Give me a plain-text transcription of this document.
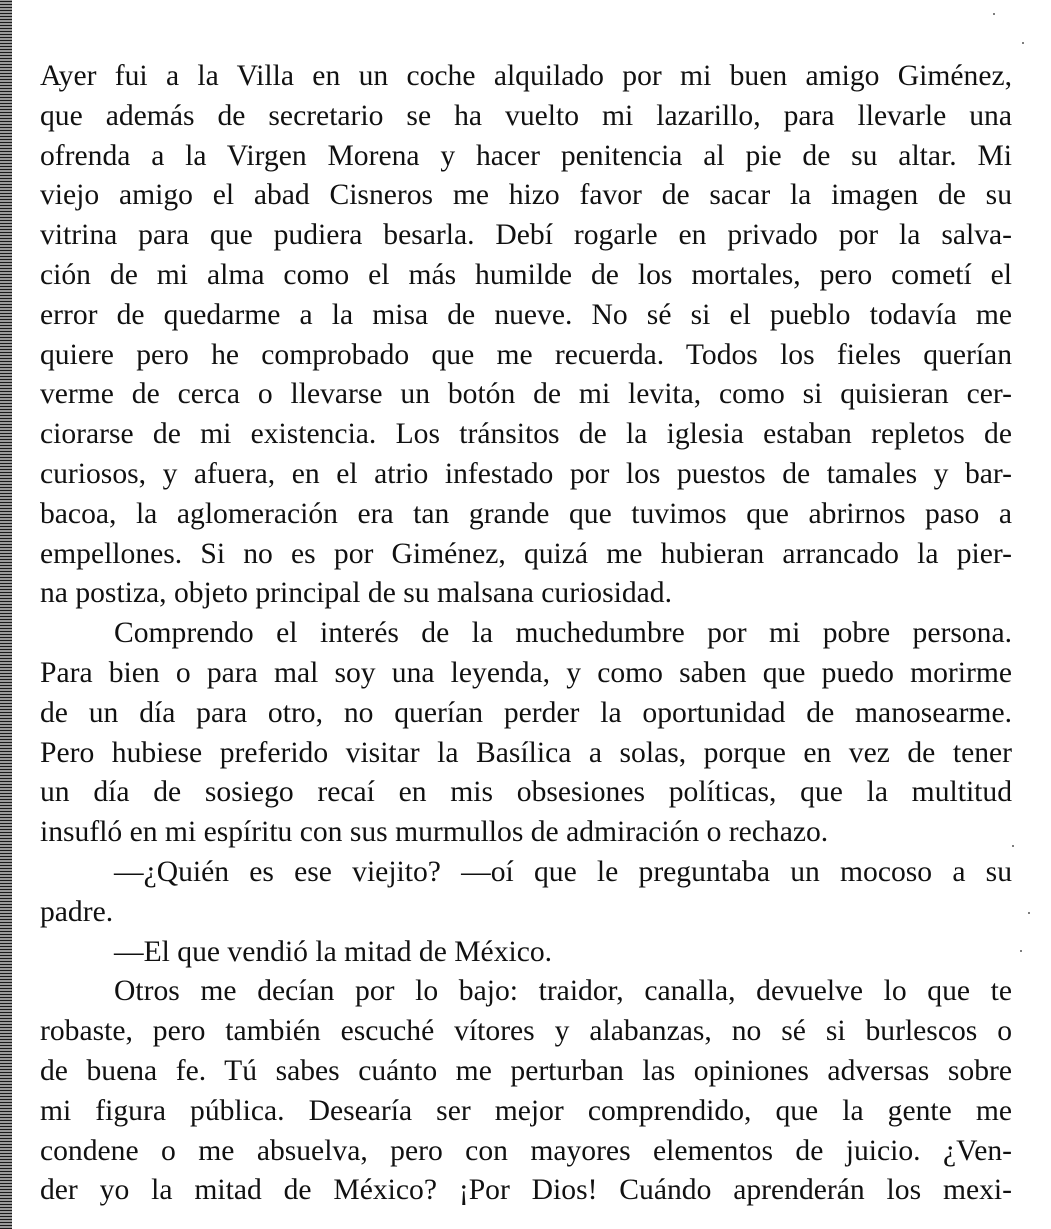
Ayer fui a la Villa en un coche alquilado por mi buen amigo Giménez,
que además de secretario se ha vuelto mi lazarillo, para llevarle una
ofrenda a la Virgen Morena y hacer penitencia al pie de su altar. Mi
viejo amigo el abad Cisneros me hizo favor de sacar la imagen de su
vitrina para que pudiera besarla. Debí rogarle en privado por la salva-
ción de mi alma como el más humilde de los mortales, pero cometí el
error de quedarme a la misa de nueve. No sé si el pueblo todavía me
quiere pero he comprobado que me recuerda. Todos los fieles querían
verme de cerca o llevarse un botón de mi levita, como si quisieran cer-
ciorarse de mi existencia. Los tránsitos de la iglesia estaban repletos de
curiosos, y afuera, en el atrio infestado por los puestos de tamales y bar-
bacoa, la aglomeración era tan grande que tuvimos que abrirnos paso a
empellones. Si no es por Giménez, quizá me hubieran arrancado la pier-
na postiza, objeto principal de su malsana curiosidad.
Comprendo el interés de la muchedumbre por mi pobre persona.
Para bien o para mal soy una leyenda, y como saben que puedo morirme
de un día para otro, no querían perder la oportunidad de manosearme.
Pero hubiese preferido visitar la Basílica a solas, porque en vez de tener
un día de sosiego recaí en mis obsesiones políticas, que la multitud
insufló en mi espíritu con sus murmullos de admiración o rechazo.
—¿Quién es ese viejito? —oí que le preguntaba un mocoso a su
padre.
—El que vendió la mitad de México.
Otros me decían por lo bajo: traidor, canalla, devuelve lo que te
robaste, pero también escuché vítores y alabanzas, no sé si burlescos o
de buena fe. Tú sabes cuánto me perturban las opiniones adversas sobre
mi figura pública. Desearía ser mejor comprendido, que la gente me
condene o me absuelva, pero con mayores elementos de juicio. ¿Ven-
der yo la mitad de México? ¡Por Dios! Cuándo aprenderán los mexi-
